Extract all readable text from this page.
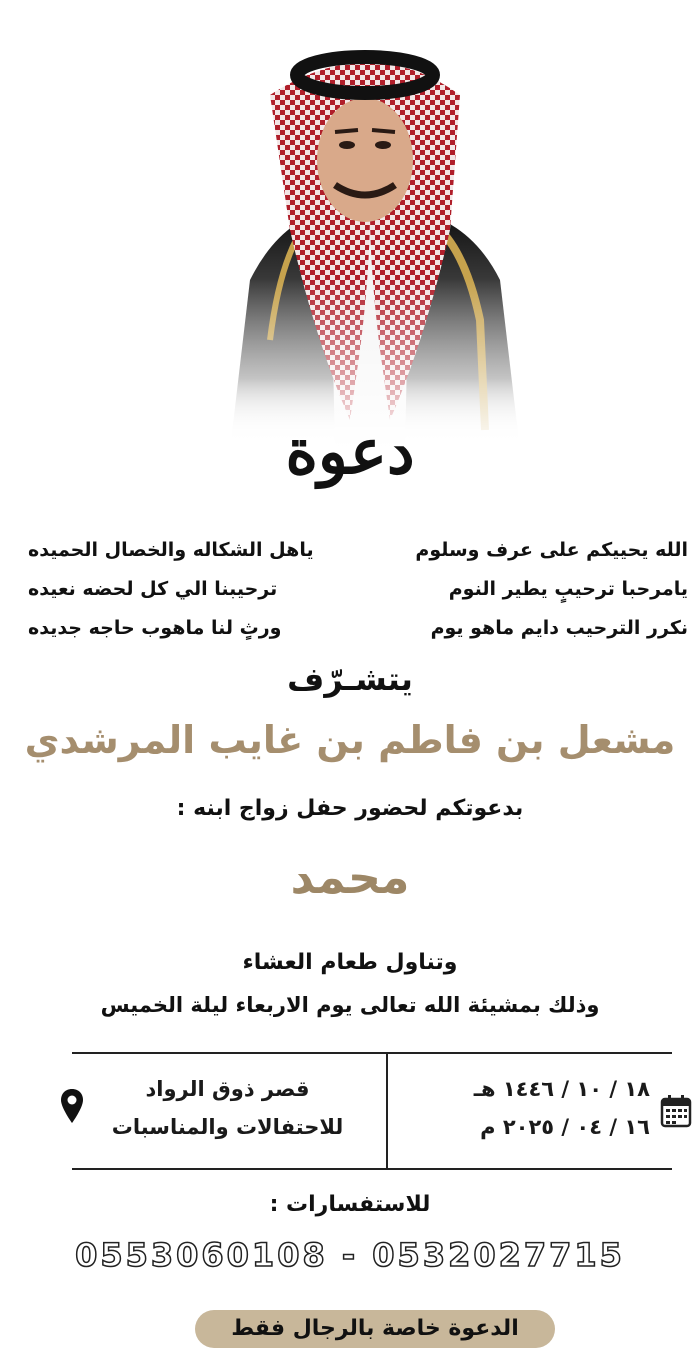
دعوة
الله يحييكم على عرف وسلوم
ياهل الشكاله والخصال الحميده
يامرحبا ترحيبٍ يطير النوم
ترحيبنا الي كل لحضه نعيده
نكرر الترحيب دايم ماهو يوم
ورثٍ لنا ماهوب حاجه جديده
يتشـرّف
مشعل بن فاطم بن غايب المرشدي
بدعوتكم لحضور حفل زواج ابنه :
محمد
وتناول طعام العشاء
وذلك بمشيئة الله تعالى يوم الاربعاء ليلة الخميس
١٨ / ١٠ / ١٤٤٦ هـ
١٦ / ٠٤ / ٢٠٢٥ م
قصر ذوق الرواد
للاحتفالات والمناسبات
للاستفسارات :
0553060108 - 0532027715
الدعوة خاصة بالرجال فقط
